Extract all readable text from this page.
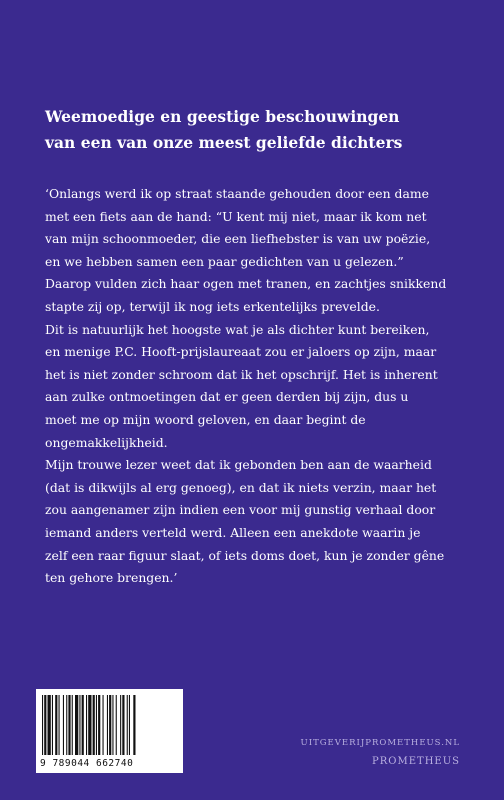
Weemoedige en geestige beschouwingen
van een van onze meest geliefde dichters
‘Onlangs werd ik op straat staande gehouden door een dame
met een fiets aan de hand: “U kent mij niet, maar ik kom net
van mijn schoonmoeder, die een liefhebster is van uw poëzie,
en we hebben samen een paar gedichten van u gelezen.”
Daarop vulden zich haar ogen met tranen, en zachtjes snikkend
stapte zij op, terwijl ik nog iets erkentelijks prevelde.
Dit is natuurlijk het hoogste wat je als dichter kunt bereiken,
en menige P.C. Hooft-prijslaureaat zou er jaloers op zijn, maar
het is niet zonder schroom dat ik het opschrijf. Het is inherent
aan zulke ontmoetingen dat er geen derden bij zijn, dus u
moet me op mijn woord geloven, en daar begint de
ongemakkelijkheid.
Mijn trouwe lezer weet dat ik gebonden ben aan de waarheid
(dat is dikwijls al erg genoeg), en dat ik niets verzin, maar het
zou aangenamer zijn indien een voor mij gunstig verhaal door
iemand anders verteld werd. Alleen een anekdote waarin je
zelf een raar figuur slaat, of iets doms doet, kun je zonder gêne
ten gehore brengen.’
9 789044 662740
UITGEVERIJPROMETHEUS.NL
PROMETHEUS
